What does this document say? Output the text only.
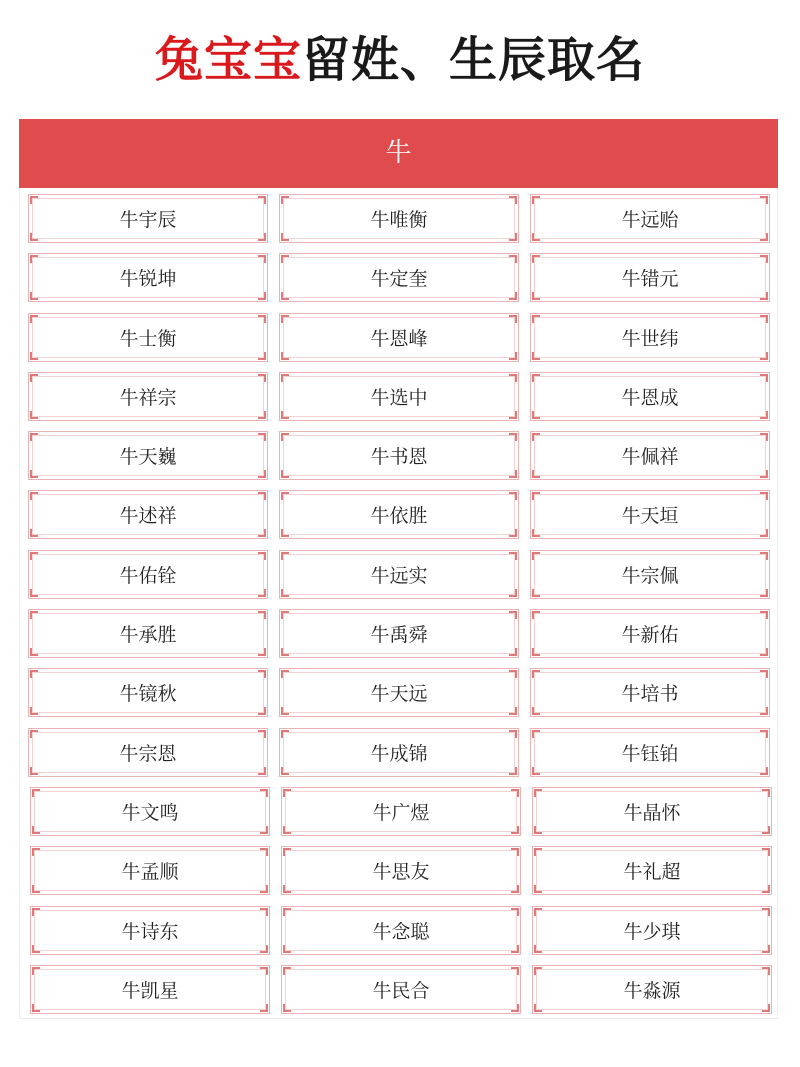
兔宝宝留姓、生辰取名
牛
牛宇辰	牛唯衡	牛远贻
牛锐坤	牛定奎	牛错元
牛士衡	牛恩峰	牛世纬
牛祥宗	牛选中	牛恩成
牛天巍	牛书恩	牛佩祥
牛述祥	牛依胜	牛天垣
牛佑铨	牛远实	牛宗佩
牛承胜	牛禹舜	牛新佑
牛镜秋	牛天远	牛培书
牛宗恩	牛成锦	牛钰铂
牛文鸣	牛广煜	牛晶怀
牛孟顺	牛思友	牛礼超
牛诗东	牛念聪	牛少琪
牛凯星	牛民合	牛淼源
